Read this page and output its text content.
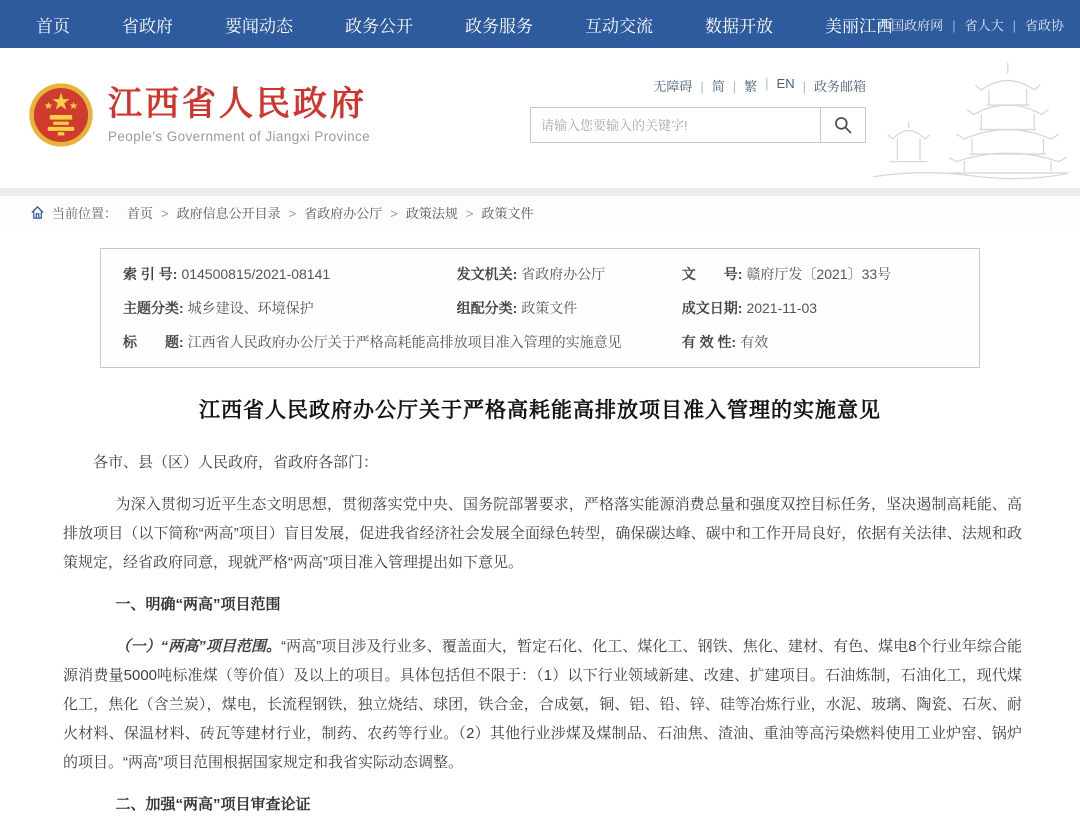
首页	省政府	要闻动态	政务公开	政务服务	互动交流	数据开放	美丽江西
中国政府网	| 省人大	| 省政协
江西省人民政府
People's Government of Jiangxi Province
无障碍	| 简	| 繁	| EN	| 政务邮箱
请输入您要输入的关键字!
当前位置： 首页	> 政府信息公开目录	> 省政府办公厅	> 政策法规	> 政策文件
索 引 号: 014500815/2021-08141	发文机关: 省政府办公厅	文　　号: 赣府厅发〔2021〕33号
主题分类: 城乡建设、环境保护	组配分类: 政策文件	成文日期: 2021-11-03
标　　题: 江西省人民政府办公厅关于严格高耗能高排放项目准入管理的实施意见	有 效 性: 有效
江西省人民政府办公厅关于严格高耗能高排放项目准入管理的实施意见

各市、县（区）人民政府，省政府各部门：

为深入贯彻习近平生态文明思想，贯彻落实党中央、国务院部署要求，严格落实能源消费总量和强度双控目标任务，坚决遏制高耗能、高排放项目（以下简称“两高”项目）盲目发展，促进我省经济社会发展全面绿色转型，确保碳达峰、碳中和工作开局良好，依据有关法律、法规和政策规定，经省政府同意，现就严格“两高”项目准入管理提出如下意见。

一、明确“两高”项目范围

（一）“两高”项目范围。“两高”项目涉及行业多、覆盖面大，暂定石化、化工、煤化工、钢铁、焦化、建材、有色、煤电8个行业年综合能源消费量5000吨标准煤（等价值）及以上的项目。具体包括但不限于：（1）以下行业领域新建、改建、扩建项目。石油炼制，石油化工，现代煤化工，焦化（含兰炭），煤电，长流程钢铁，独立烧结、球团，铁合金，合成氨，铜、铝、铅、锌、硅等冶炼行业，水泥、玻璃、陶瓷、石灰、耐火材料、保温材料、砖瓦等建材行业，制药、农药等行业。（2）其他行业涉煤及煤制品、石油焦、渣油、重油等高污染燃料使用工业炉窑、锅炉的项目。“两高”项目范围根据国家规定和我省实际动态调整。

二、加强“两高”项目审查论证
